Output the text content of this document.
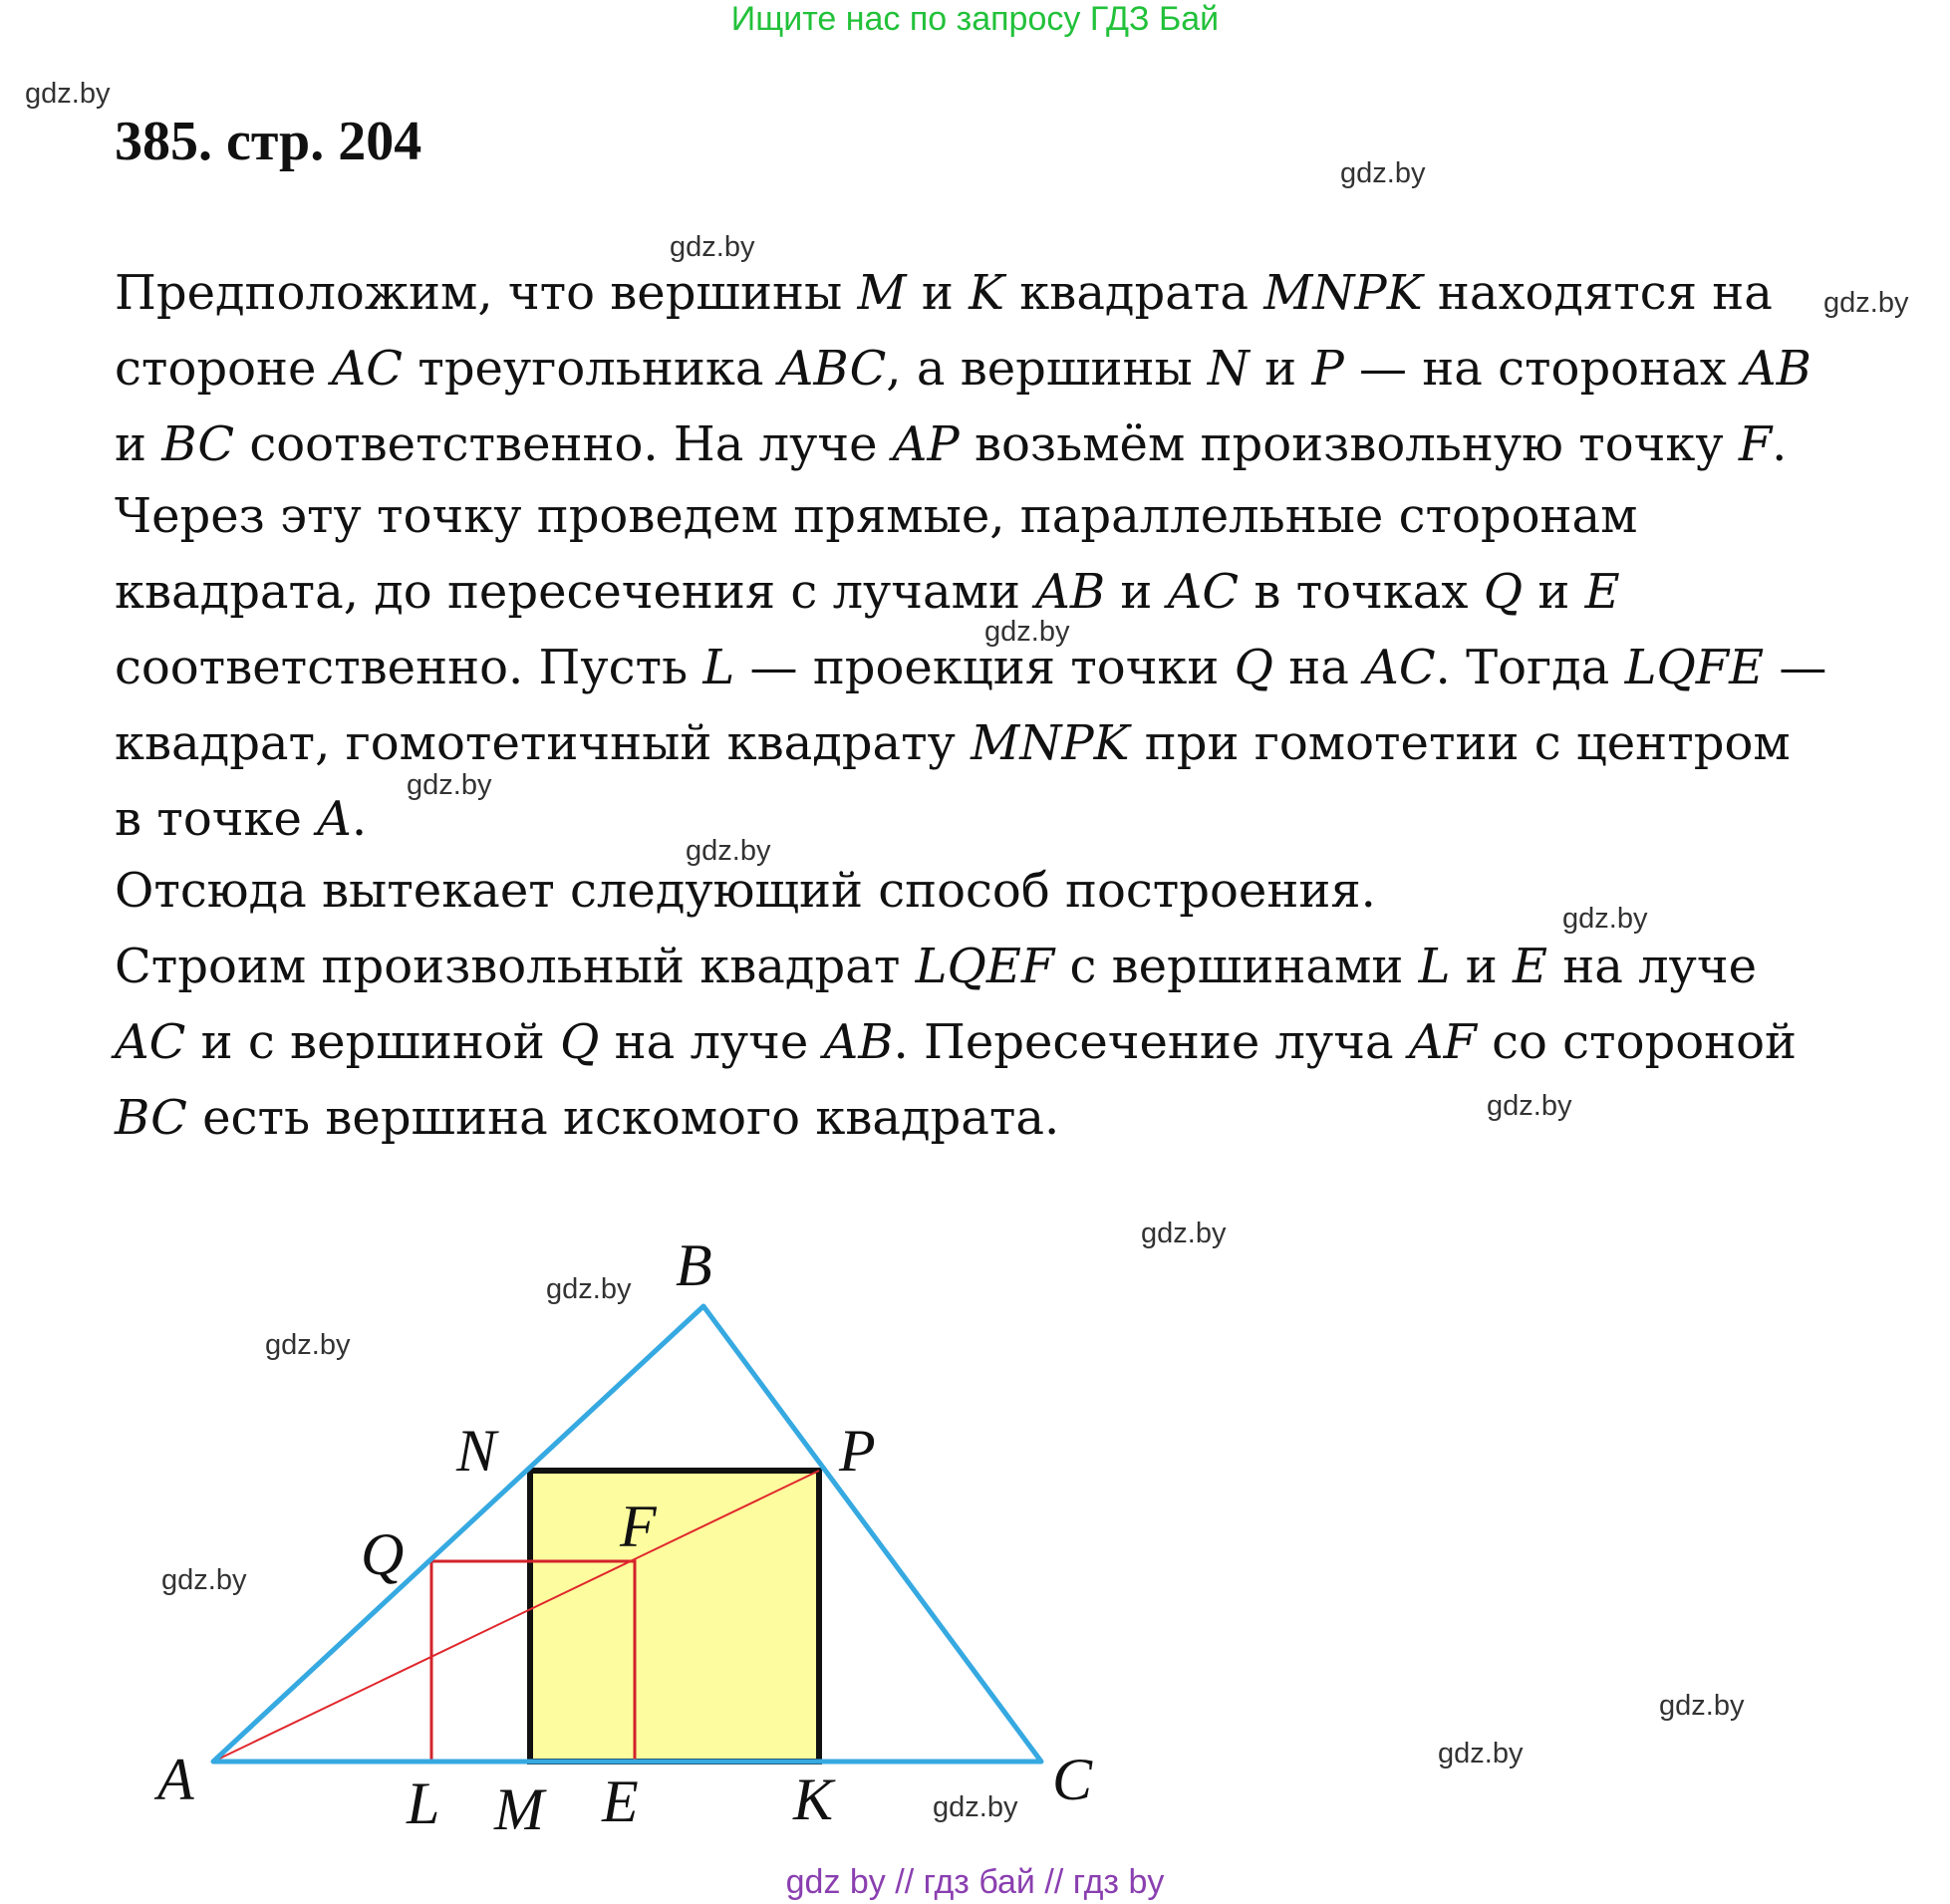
Ищите нас по запросу ГДЗ Бай
385. стр. 204
Предположим, что вершины M и K квадрата MNPK находятся на
стороне AC треугольника ABC, а вершины N и P — на сторонах AB
и BC соответственно. На луче AP возьмём произвольную точку F.
Через эту точку проведем прямые, параллельные сторонам
квадрата, до пересечения с лучами AB и AC в точках Q и E
соответственно. Пусть L — проекция точки Q на AC. Тогда LQFE —
квадрат, гомотетичный квадрату MNPK при гомотетии с центром
в точке A.
Отсюда вытекает следующий способ построения.
Строим произвольный квадрат LQEF с вершинами L и E на луче
AC и с вершиной Q на луче AB. Пересечение луча AF со стороной
BC есть вершина искомого квадрата.
B
N	P
Q	F
A	L M E	K	C
gdz.by
gdz.by
gdz.by
gdz.by
gdz.by
gdz.by
gdz.by
gdz.by
gdz.by
gdz.by
gdz.by
gdz.by
gdz.by
gdz.by
gdz.by
gdz.by
gdz by // гдз бай // гдз by
